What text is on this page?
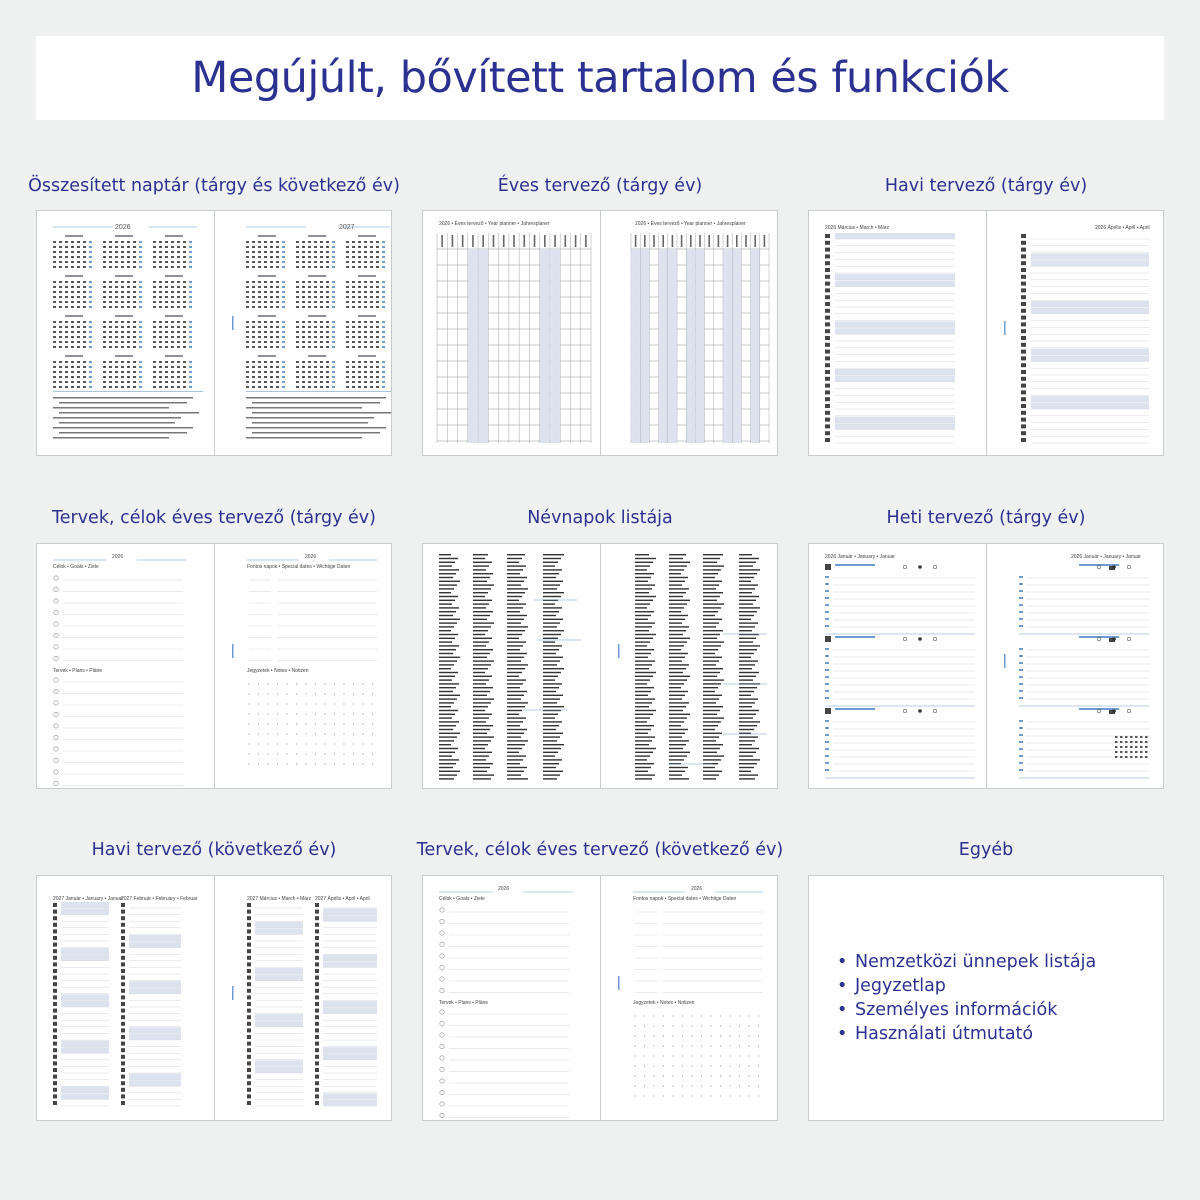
Megújúlt, bővített tartalom és funkciók
Összesített naptár (tárgy és következő év)	Éves tervező (tárgy év)	Havi tervező (tárgy év)
Tervek, célok éves tervező (tárgy év)	Névnapok listája	Heti tervező (tárgy év)
Havi tervező (következő év)	Tervek, célok éves tervező (következő év)	Egyéb
2026	2027	2026 • Éves tervező • Year planner • Jahresplaner	2026 • Éves tervező • Year planner • Jahresplaner
2026 Március • March • März	2026 Április • April • April
2026	2026
Célok • Goals • Ziele
Tervek • Plans • Pläne
Fontos napok • Special dates • Wichtige Daten
Jegyzetek • Notes • Notizen
2026 Január • January • Januar	2026 Január • January • Januar
2027 Január • January • Januar
2027 Február • February • Februar	2027 Március • March • März 2027 Április • April • April
2026	2026
Célok • Goals • Ziele
Tervek • Plans • Pläne
Fontos napok • Special dates • Wichtige Daten
Jegyzetek • Notes • Notizen
• Nemzetközi ünnepek listája
• Jegyzetlap
• Személyes információk
• Használati útmutató
